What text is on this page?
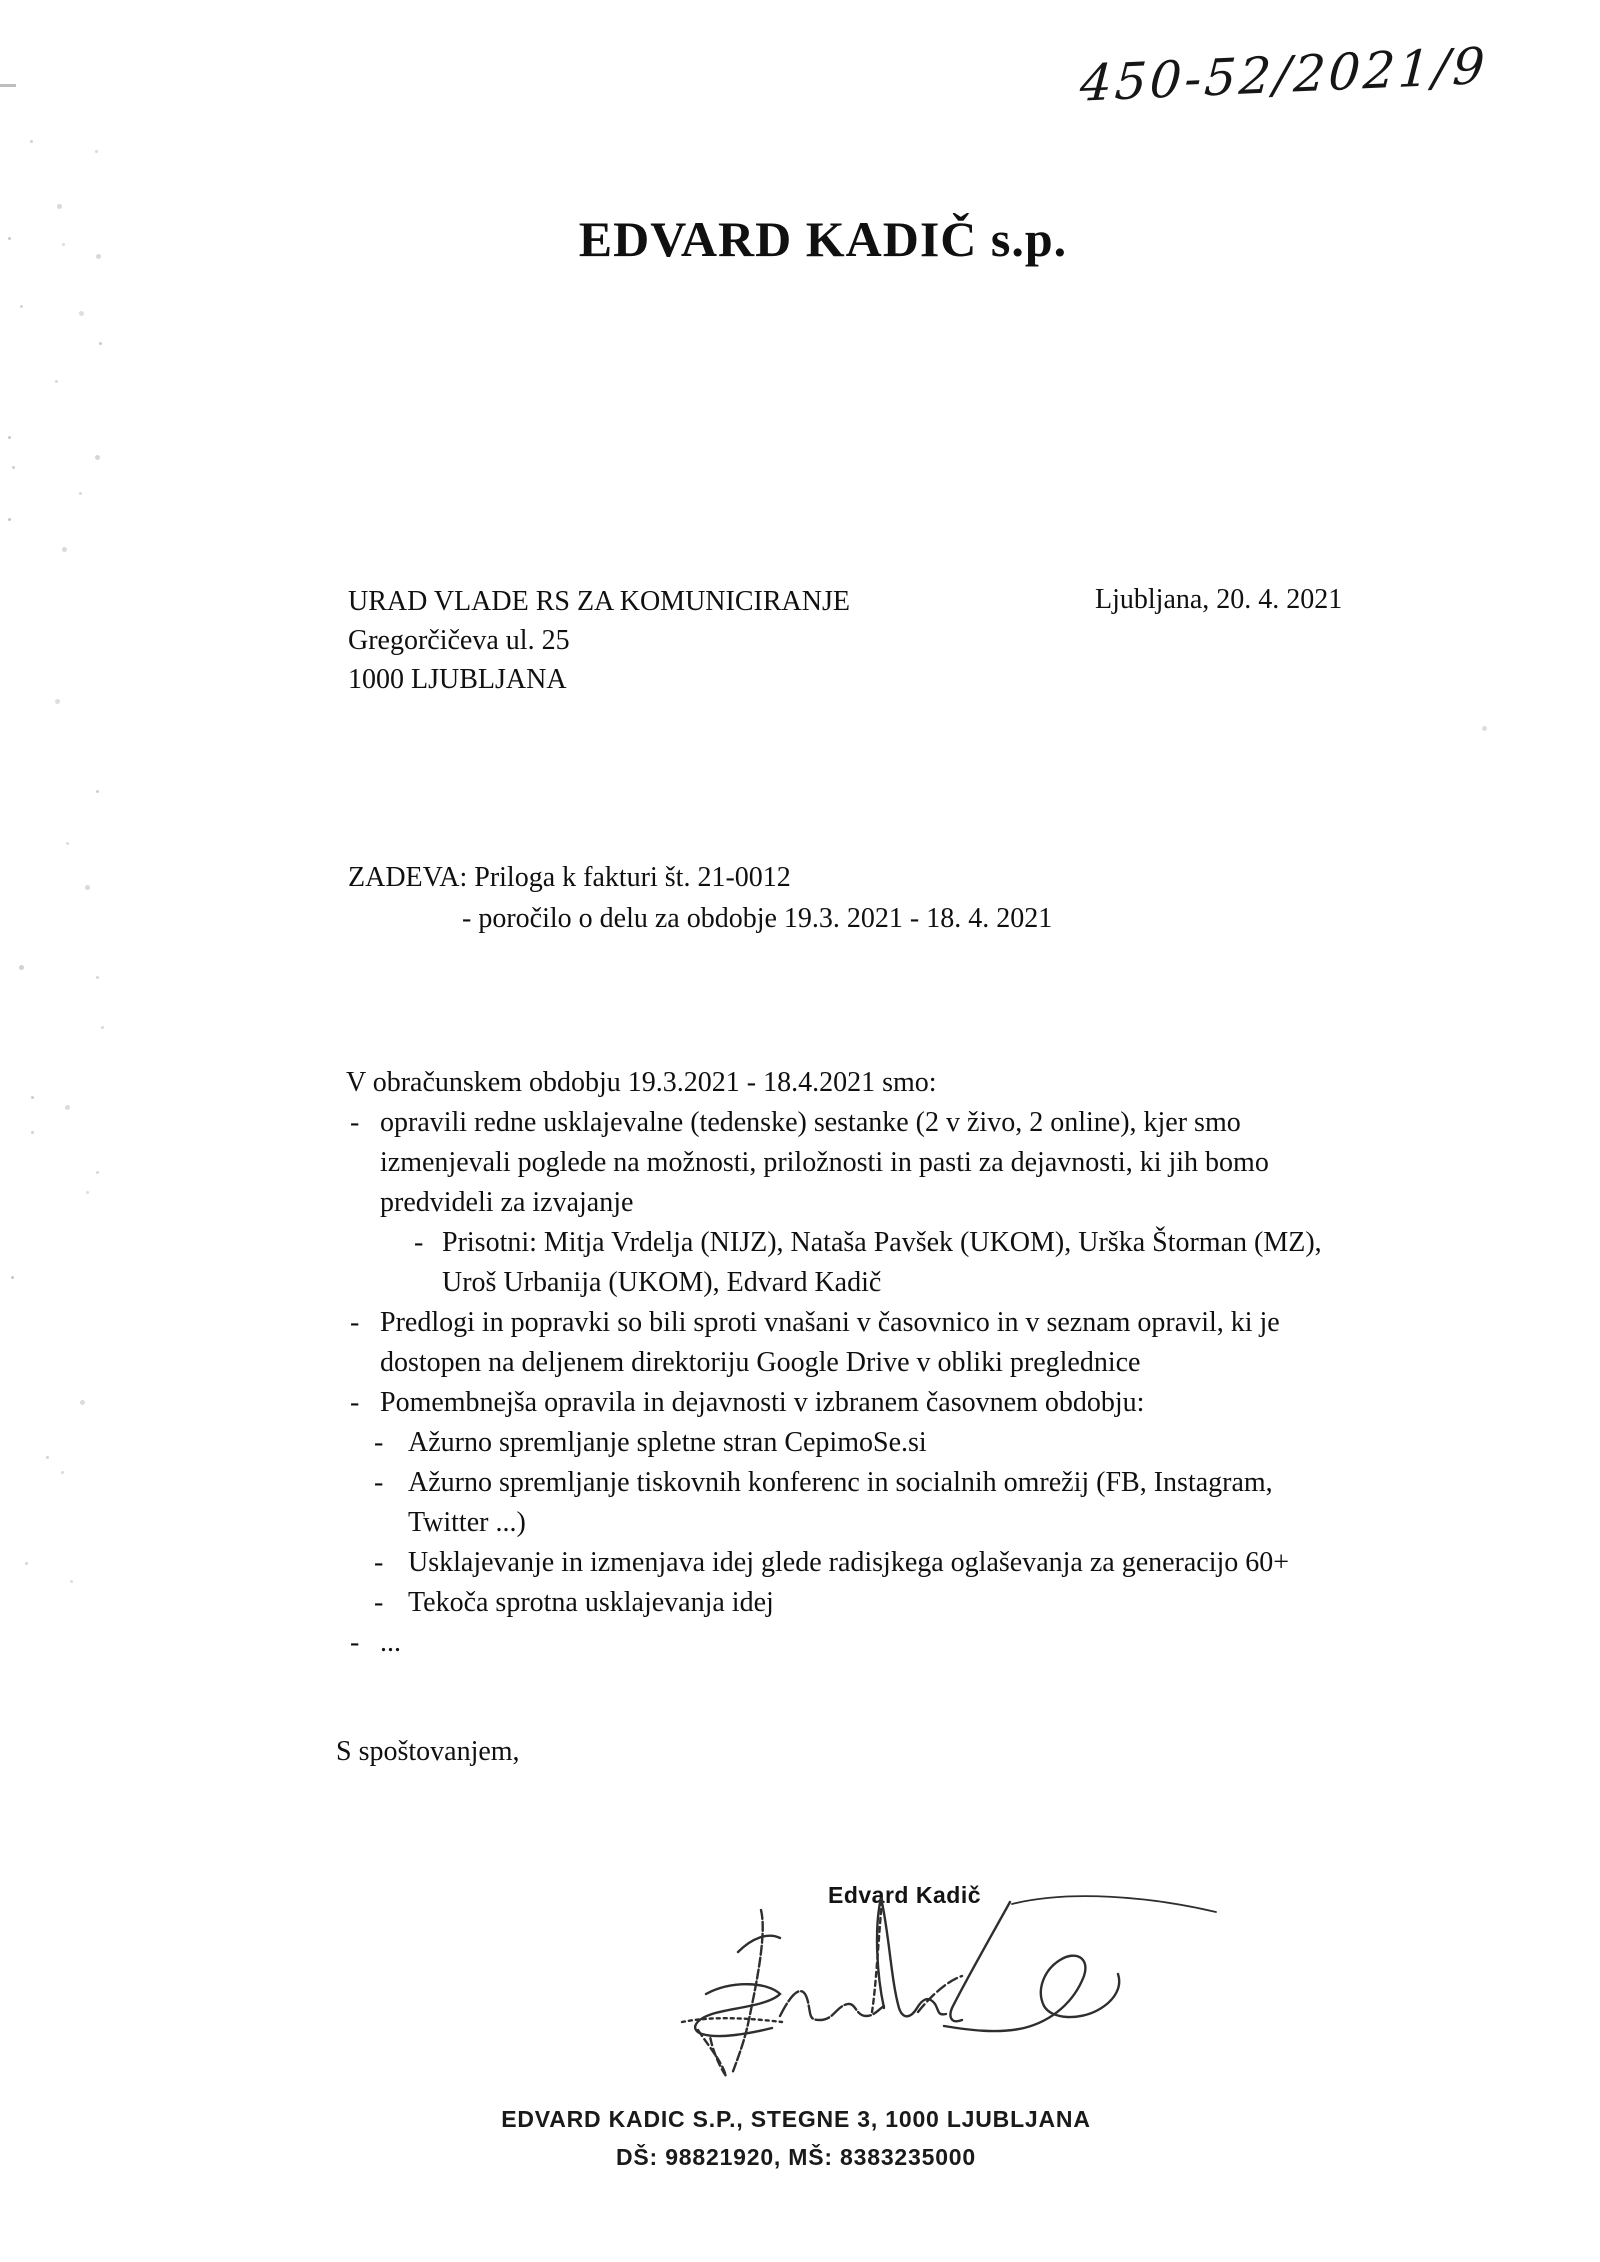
450-52/2021/9
EDVARD KADIČ s.p.
URAD VLADE RS ZA KOMUNICIRANJE
Gregorčičeva ul. 25
1000 LJUBLJANA
Ljubljana, 20. 4. 2021
ZADEVA: Priloga k fakturi št. 21-0012
- poročilo o delu za obdobje 19.3. 2021 - 18. 4. 2021
V obračunskem obdobju 19.3.2021 - 18.4.2021 smo:
- opravili redne usklajevalne (tedenske) sestanke (2 v živo, 2 online), kjer smo
izmenjevali poglede na možnosti, priložnosti in pasti za dejavnosti, ki jih bomo
predvideli za izvajanje
- Prisotni: Mitja Vrdelja (NIJZ), Nataša Pavšek (UKOM), Urška Štorman (MZ),
Uroš Urbanija (UKOM), Edvard Kadič
- Predlogi in popravki so bili sproti vnašani v časovnico in v seznam opravil, ki je
dostopen na deljenem direktoriju Google Drive v obliki preglednice
- Pomembnejša opravila in dejavnosti v izbranem časovnem obdobju:
- Ažurno spremljanje spletne stran CepimoSe.si
- Ažurno spremljanje tiskovnih konferenc in socialnih omrežij (FB, Instagram,
Twitter ...)
- Usklajevanje in izmenjava idej glede radisjkega oglaševanja za generacijo 60+
- Tekoča sprotna usklajevanja idej
- ...
S spoštovanjem,
Edvard Kadič
EDVARD KADIC S.P., STEGNE 3, 1000 LJUBLJANA
DŠ: 98821920, MŠ: 8383235000
